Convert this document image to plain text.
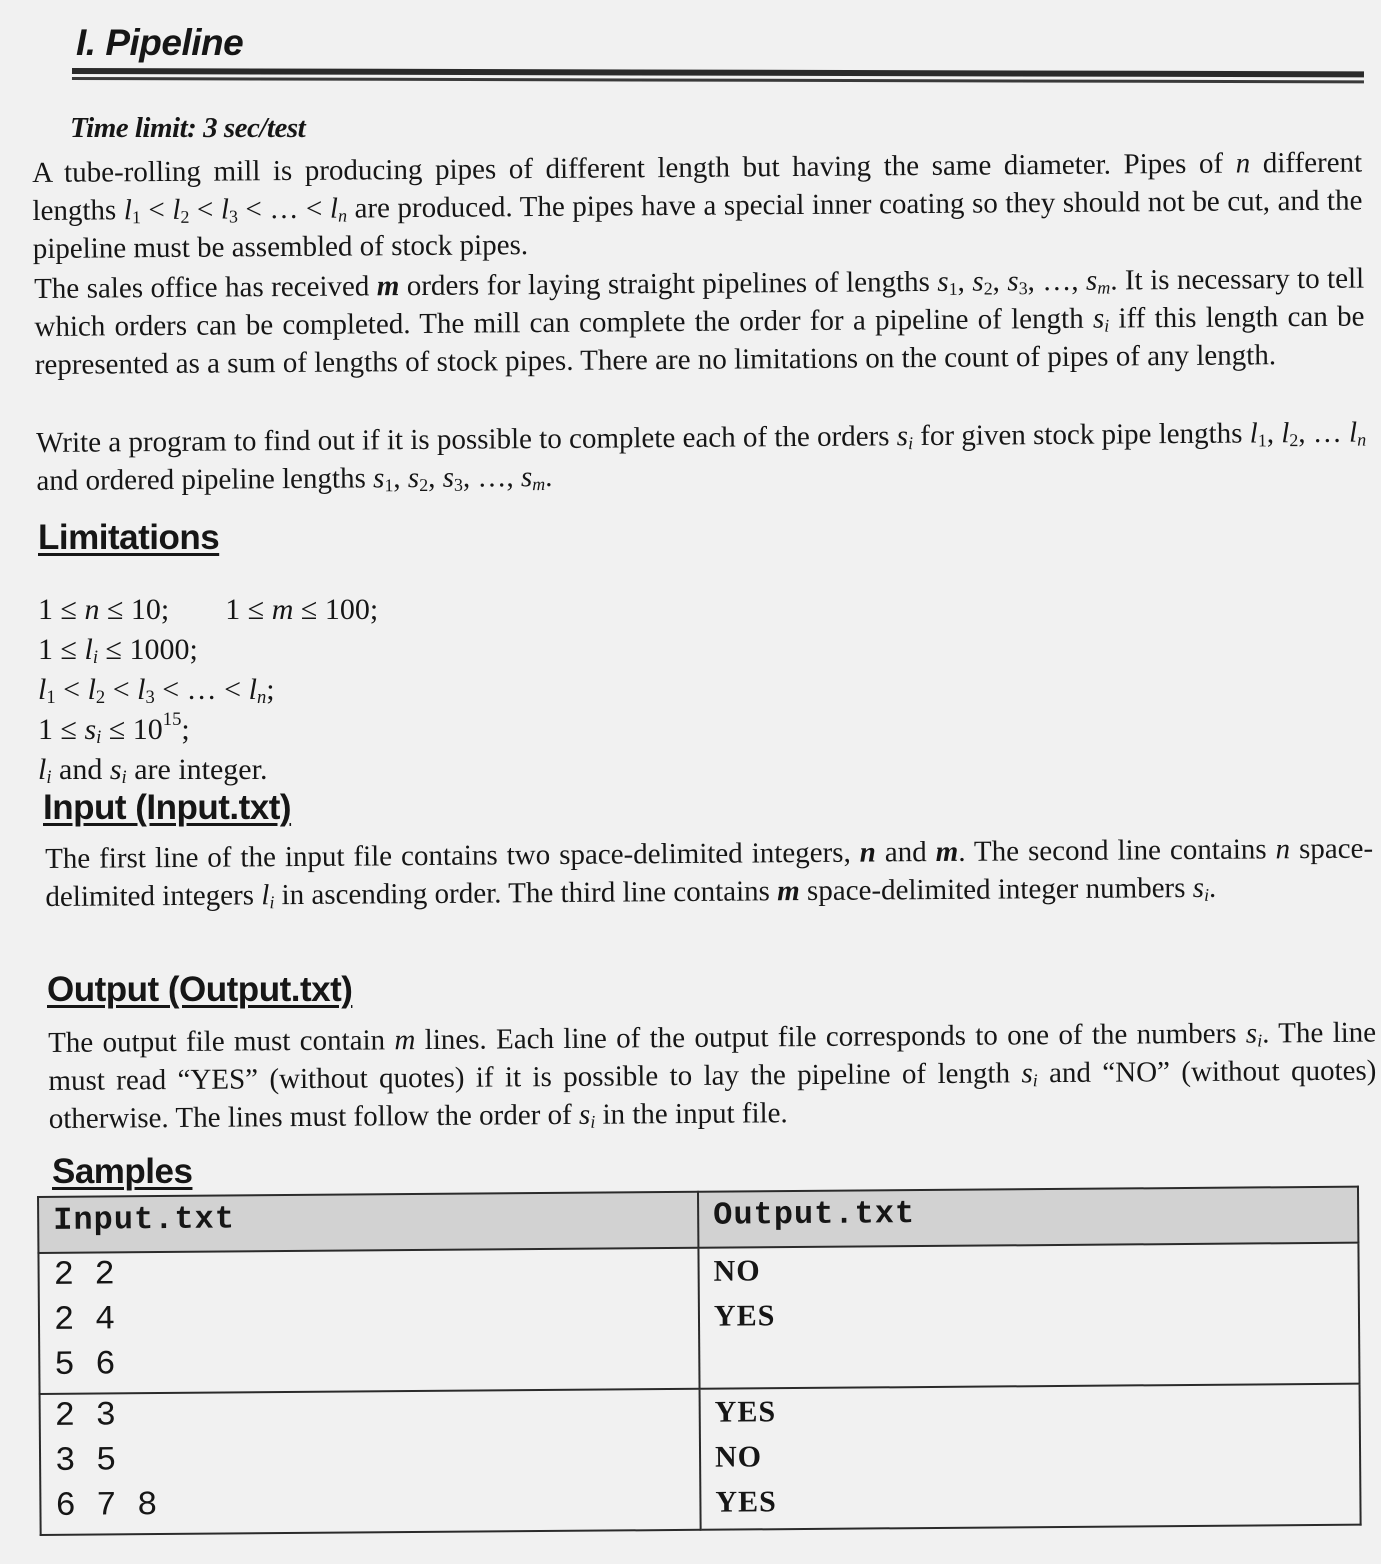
I. Pipeline
Time limit: 3 sec/test

A tube-rolling mill is producing pipes of different length but having the same diameter. Pipes of n different lengths $l_1 < l_2 < l_3$ < … < $l_n$ are produced. The pipes have a special inner coating so they should not be cut, and the pipeline must be assembled of stock pipes.

The sales office has received m orders for laying straight pipelines of lengths $s_1$, $s_2$, $s_3$, …, $s_m$. It is necessary to tell which orders can be completed. The mill can complete the order for a pipeline of length $s_i$ iff this length can be represented as a sum of lengths of stock pipes. There are no limitations on the count of pipes of any length.

Write a program to find out if it is possible to complete each of the orders $s_i$ for given stock pipe lengths $l_1$, $l_2$, … $l_n$ and ordered pipeline lengths $s_1$, $s_2$, $s_3$, …, $s_m$.

Limitations
1 ≤ n ≤ 10; 1 ≤ m ≤ 100;
$1 \le l_i \le 1000$;
$l_1 < l_2 < l_3$ < … < $l_n$;
$1 \le s_i \le 10^{15}$;
$l_i$ and $s_i$ are integer.
Input (Input.txt)

The first line of the input file contains two space-delimited integers, n and m. The second line contains n space-delimited integers $l_i$ in ascending order. The third line contains m space-delimited integer numbers $s_i$.

Output (Output.txt)

The output file must contain m lines. Each line of the output file corresponds to one of the numbers $s_i$. The line must read “YES” (without quotes) if it is possible to lay the pipeline of length $s_i$ and “NO” (without quotes) otherwise. The lines must follow the order of $s_i$ in the input file.

Samples
Input.txt	Output.txt

2 2
2 4
5 6	NO
YES

2 3
3 5
6 7 8	YES
NO
YES
